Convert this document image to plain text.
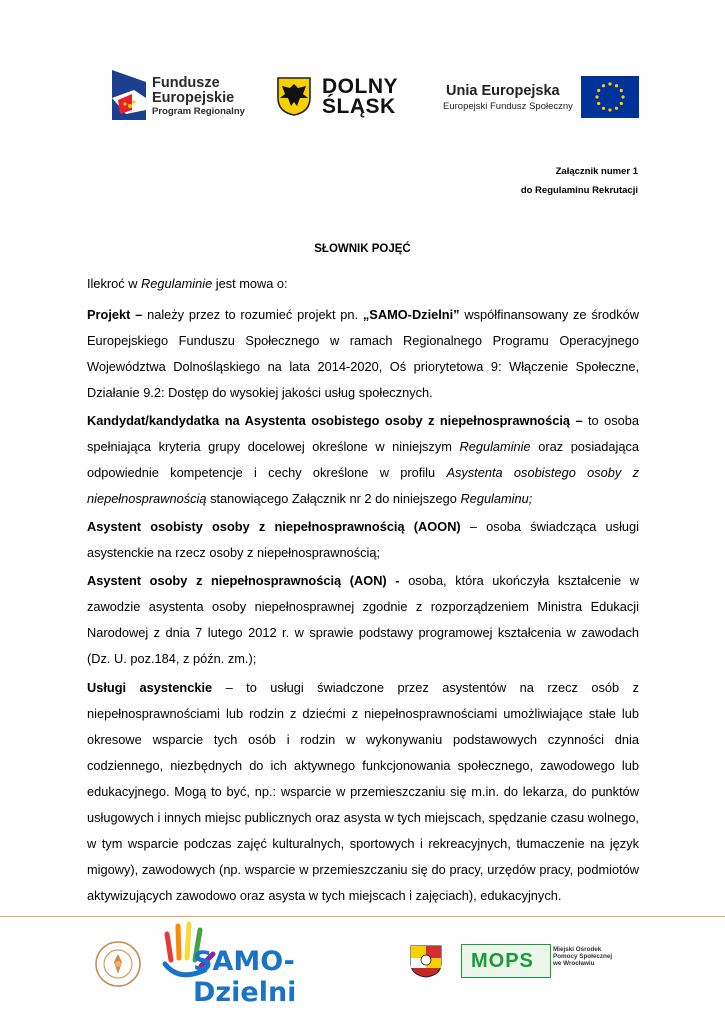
Fundusze
Europejskie
Program Regionalny
DOLNY
ŚLĄSK
Unia Europejska
Europejski Fundusz Społeczny
Załącznik numer 1
do Regulaminu Rekrutacji
SŁOWNIK POJĘĆ
Ilekroć w Regulaminie jest mowa o:
Projekt – należy przez to rozumieć projekt pn. „SAMO-Dzielni” współfinansowany ze środków Europejskiego Funduszu Społecznego w ramach Regionalnego Programu Operacyjnego Województwa Dolnośląskiego na lata 2014-2020, Oś priorytetowa 9: Włączenie Społeczne, Działanie 9.2: Dostęp do wysokiej jakości usług społecznych.
Kandydat/kandydatka na Asystenta osobistego osoby z niepełnosprawnością – to osoba spełniająca kryteria grupy docelowej określone w niniejszym Regulaminie oraz posiadająca odpowiednie kompetencje i cechy określone w profilu Asystenta osobistego osoby z niepełnosprawnością stanowiącego Załącznik nr 2 do niniejszego Regulaminu;
Asystent osobisty osoby z niepełnosprawnością (AOON) – osoba świadcząca usługi asystenckie na rzecz osoby z niepełnosprawnością;
Asystent osoby z niepełnosprawnością (AON) - osoba, która ukończyła kształcenie w zawodzie asystenta osoby niepełnosprawnej zgodnie z rozporządzeniem Ministra Edukacji Narodowej z dnia 7 lutego 2012 r. w sprawie podstawy programowej kształcenia w zawodach (Dz. U. poz.184, z późn. zm.);
Usługi asystenckie – to usługi świadczone przez asystentów na rzecz osób z niepełnosprawnościami lub rodzin z dziećmi z niepełnosprawnościami umożliwiające stałe lub okresowe wsparcie tych osób i rodzin w wykonywaniu podstawowych czynności dnia codziennego, niezbędnych do ich aktywnego funkcjonowania społecznego, zawodowego lub edukacyjnego. Mogą to być, np.: wsparcie w przemieszczaniu się m.in. do lekarza, do punktów usługowych i innych miejsc publicznych oraz asysta w tych miejscach, spędzanie czasu wolnego, w tym wsparcie podczas zajęć kulturalnych, sportowych i rekreacyjnych, tłumaczenie na język migowy), zawodowych (np. wsparcie w przemieszczaniu się do pracy, urzędów pracy, podmiotów aktywizujących zawodowo oraz asysta w tych miejscach i zajęciach), edukacyjnych.
SAMO-Dzielni
MOPS
Miejski Ośrodek
Pomocy Społecznej
we Wrocławiu
